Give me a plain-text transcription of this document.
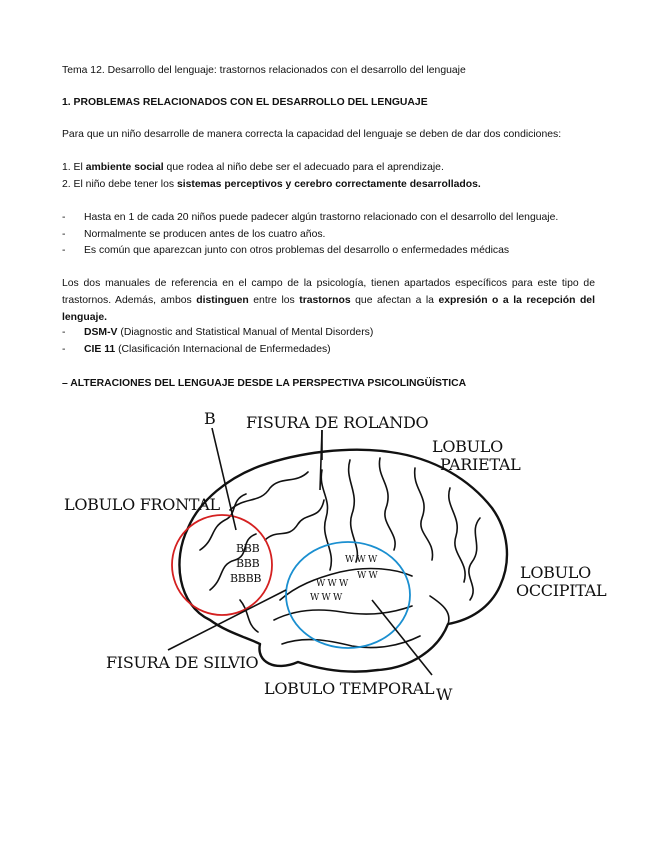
Tema 12. Desarrollo del lenguaje: trastornos relacionados con el desarrollo del lenguaje
1. PROBLEMAS RELACIONADOS CON EL DESARROLLO DEL LENGUAJE
Para que un niño desarrolle de manera correcta la capacidad del lenguaje se deben de dar dos condiciones:
1. El ambiente social que rodea al niño debe ser el adecuado para el aprendizaje.
2. El niño debe tener los sistemas perceptivos y cerebro correctamente desarrollados.
- Hasta en 1 de cada 20 niños puede padecer algún trastorno relacionado con el desarrollo del lenguaje.
- Normalmente se producen antes de los cuatro años.
- Es común que aparezcan junto con otros problemas del desarrollo o enfermedades médicas
Los dos manuales de referencia en el campo de la psicología, tienen apartados específicos para este tipo de trastornos. Además, ambos distinguen entre los trastornos que afectan a la expresión o a la recepción del lenguaje.
- DSM-V (Diagnostic and Statistical Manual of Mental Disorders)
- CIE 11 (Clasificación Internacional de Enfermedades)
– ALTERACIONES DEL LENGUAJE DESDE LA PERSPECTIVA PSICOLINGÜÍSTICA
BBB
BBB
BBBB
W W W
W W
W W W
W W W
B FISURA DE ROLANDO
LOBULO
PARIETAL
LOBULO FRONTAL
LOBULO
OCCIPITAL
FISURA DE SILVIO
LOBULO TEMPORAL W
